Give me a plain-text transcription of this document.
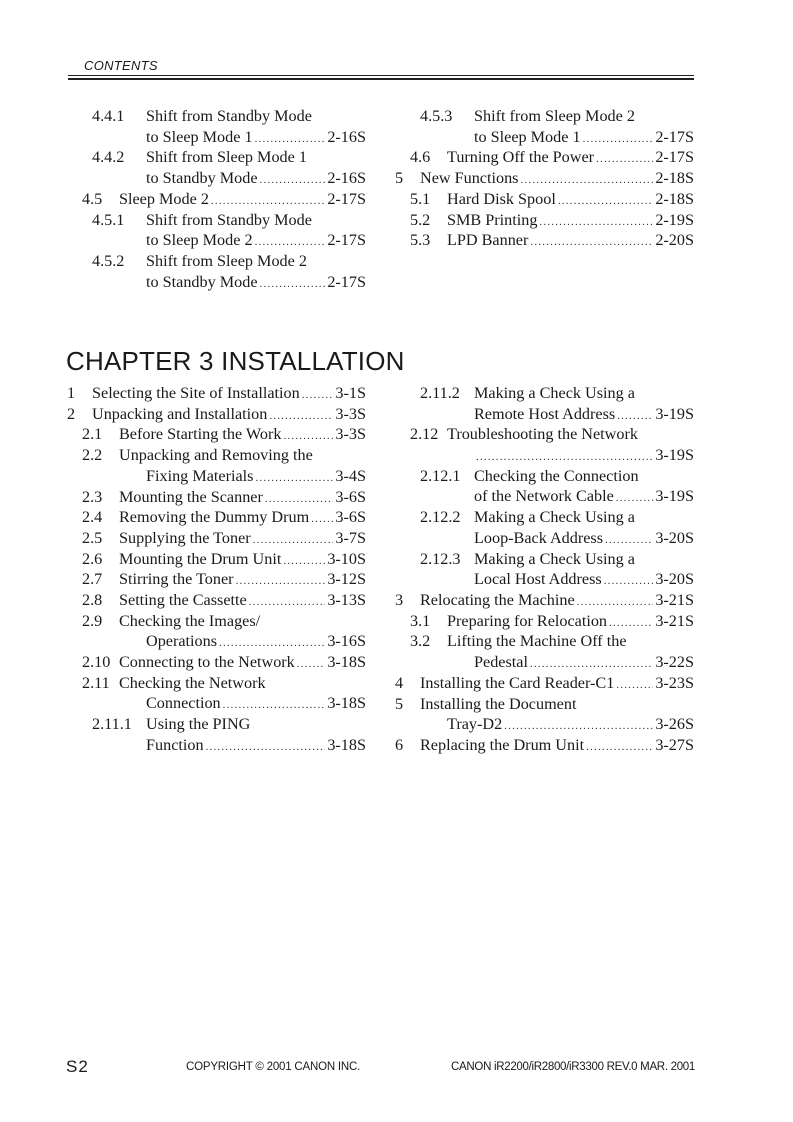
CONTENTS
4.4.1 Shift from Standby Mode
to Sleep Mode 1 .....	2-16S
4.4.2 Shift from Sleep Mode 1
to Standby Mode .....	2-16S
4.5 Sleep Mode 2 .....	2-17S
4.5.1 Shift from Standby Mode
to Sleep Mode 2 .....	2-17S
4.5.2 Shift from Sleep Mode 2
to Standby Mode .....	2-17S
4.5.3 Shift from Sleep Mode 2
to Sleep Mode 1 .....	2-17S
4.6 Turning Off the Power .....	2-17S
5 New Functions .....	2-18S
5.1 Hard Disk Spool .....	2-18S
5.2 SMB Printing .....	2-19S
5.3 LPD Banner .....	2-20S
CHAPTER 3 INSTALLATION
1 Selecting the Site of Installation ..... 3-1S
2 Unpacking and Installation .....	3-3S
2.1 Before Starting the Work .....	3-3S
2.2 Unpacking and Removing the
Fixing Materials .....	3-4S
2.3 Mounting the Scanner .....	3-6S
2.4 Removing the Dummy Drum ..... 3-6S
2.5 Supplying the Toner .....	3-7S
2.6 Mounting the Drum Unit .....	3-10S
2.7 Stirring the Toner .....	3-12S
2.8 Setting the Cassette .....	3-13S
2.9 Checking the Images/
Operations .....	3-16S
2.10 Connecting to the Network ..... 3-18S
2.11 Checking the Network
Connection .....	3-18S
2.11.1 Using the PING
Function .....	3-18S
2.11.2 Making a Check Using a
Remote Host Address ..... 3-19S
2.12 Troubleshooting the Network
.....
3-19S
2.12.1 Checking the Connection
of the Network Cable .....	3-19S
2.12.2 Making a Check Using a
Loop-Back Address .....	3-20S
2.12.3 Making a Check Using a
Local Host Address .....	3-20S
3 Relocating the Machine .....	3-21S
3.1 Preparing for Relocation .....	3-21S
3.2 Lifting the Machine Off the
Pedestal .....	3-22S
4 Installing the Card Reader-C1 .....	3-23S
5 Installing the Document
Tray-D2 .....	3-26S
6 Replacing the Drum Unit .....	3-27S
S2	COPYRIGHT © 2001 CANON INC.	CANON iR2200/iR2800/iR3300 REV.0 MAR. 2001
